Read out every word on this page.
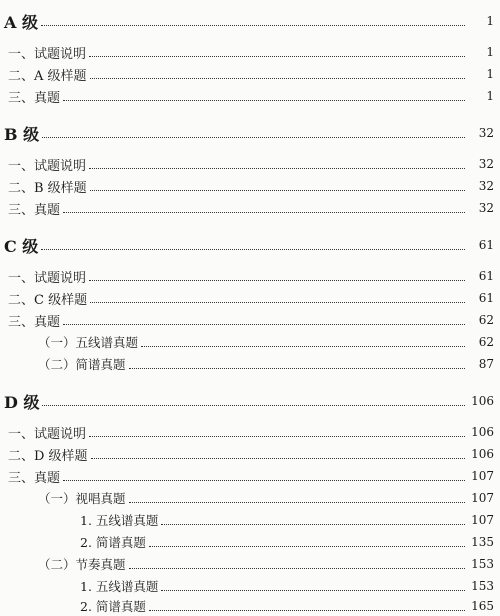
A 级	1
一、试题说明	1
二、A 级样题	1
三、真题	1
B 级	32
一、试题说明	32
二、B 级样题	32
三、真题	32
C 级	61
一、试题说明	61
二、C 级样题	61
三、真题	62
（一）五线谱真题	62
（二）简谱真题	87
D 级	106
一、试题说明	106
二、D 级样题	106
三、真题	107
（一）视唱真题	107
1. 五线谱真题	107
2. 简谱真题	135
（二）节奏真题	153
1. 五线谱真题	153
2. 简谱真题	165
